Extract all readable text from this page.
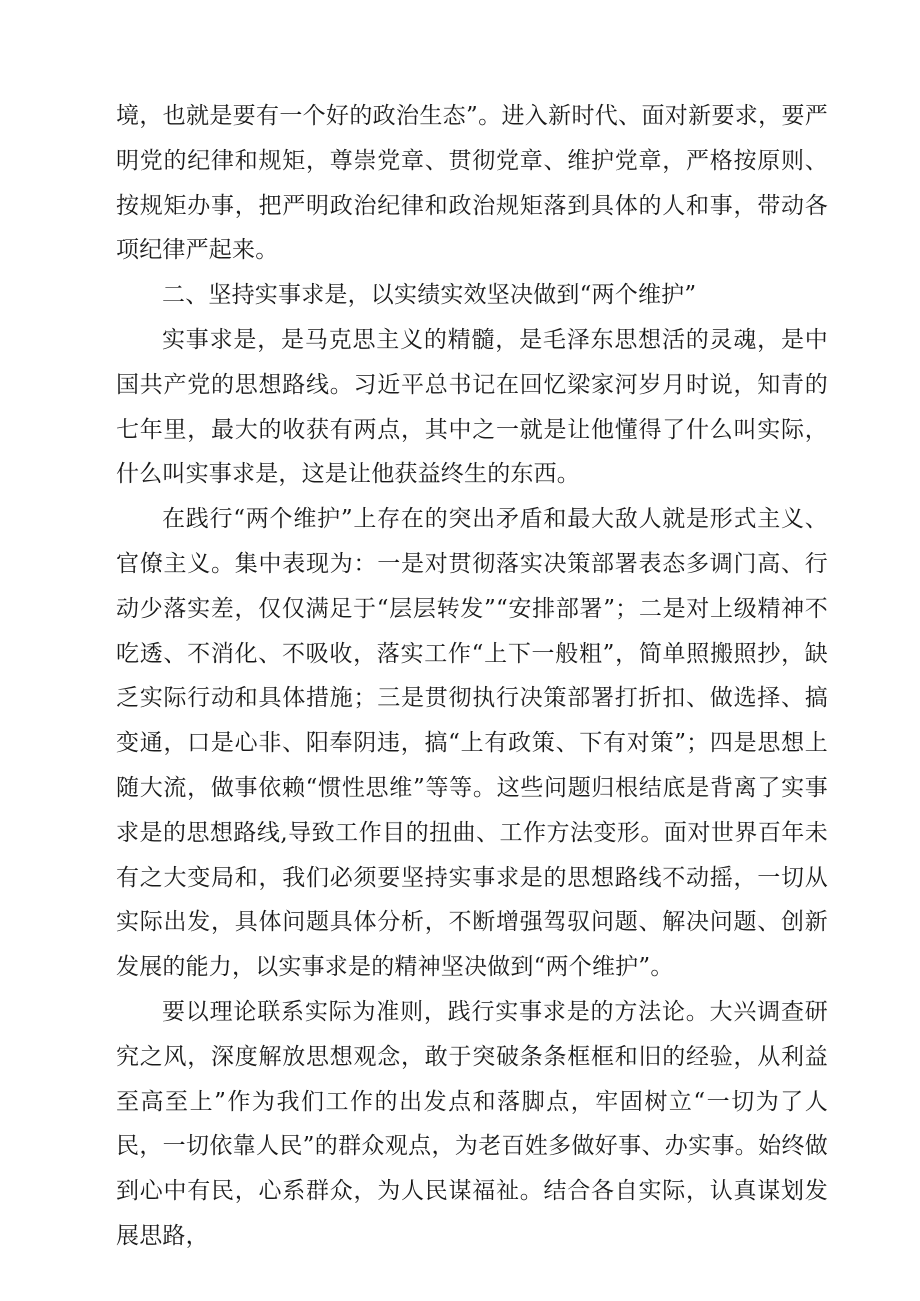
境，也就是要有一个好的政治生态”。进入新时代、面对新要求，要严明党的纪律和规矩，尊崇党章、贯彻党章、维护党章，严格按原则、按规矩办事，把严明政治纪律和政治规矩落到具体的人和事，带动各项纪律严起来。

二、坚持实事求是，以实绩实效坚决做到“两个维护”

实事求是，是马克思主义的精髓，是毛泽东思想活的灵魂，是中国共产党的思想路线。习近平总书记在回忆梁家河岁月时说，知青的七年里，最大的收获有两点，其中之一就是让他懂得了什么叫实际，什么叫实事求是，这是让他获益终生的东西。

在践行“两个维护”上存在的突出矛盾和最大敌人就是形式主义、官僚主义。集中表现为：一是对贯彻落实决策部署表态多调门高、行动少落实差，仅仅满足于“层层转发”“安排部署”；二是对上级精神不吃透、不消化、不吸收，落实工作“上下一般粗”，简单照搬照抄，缺乏实际行动和具体措施；三是贯彻执行决策部署打折扣、做选择、搞变通，口是心非、阳奉阴违，搞“上有政策、下有对策”；四是思想上随大流，做事依赖“惯性思维”等等。这些问题归根结底是背离了实事求是的思想路线,导致工作目的扭曲、工作方法变形。面对世界百年未有之大变局和，我们必须要坚持实事求是的思想路线不动摇，一切从实际出发，具体问题具体分析，不断增强驾驭问题、解决问题、创新发展的能力，以实事求是的精神坚决做到“两个维护”。

要以理论联系实际为准则，践行实事求是的方法论。大兴调查研究之风，深度解放思想观念，敢于突破条条框框和旧的经验，从利益至高至上”作为我们工作的出发点和落脚点，牢固树立“一切为了人民，一切依靠人民”的群众观点，为老百姓多做好事、办实事。始终做到心中有民，心系群众，为人民谋福祉。结合各自实际，认真谋划发展思路，
